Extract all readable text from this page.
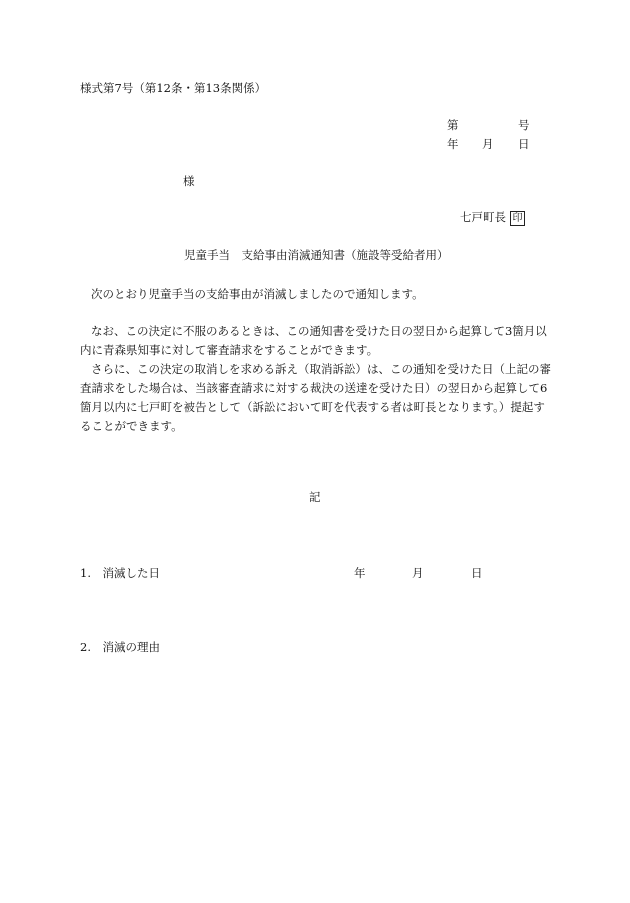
様式第7号（第12条・第13条関係）
第	号
年 月 日
様
七戸町長 印
児童手当　支給事由消滅通知書（施設等受給者用）

次のとおり児童手当の支給事由が消滅しましたので通知します。

なお、この決定に不服のあるときは、この通知書を受けた日の翌日から起算して3箇月以内に青森県知事に対して審査請求をすることができます。

さらに、この決定の取消しを求める訴え（取消訴訟）は、この通知を受けた日（上記の審査請求をした場合は、当該審査請求に対する裁決の送達を受けた日）の翌日から起算して6箇月以内に七戸町を被告として（訴訟において町を代表する者は町長となります。）提起することができます。

記
1.　消滅した日	年	月	日
2.　消滅の理由
